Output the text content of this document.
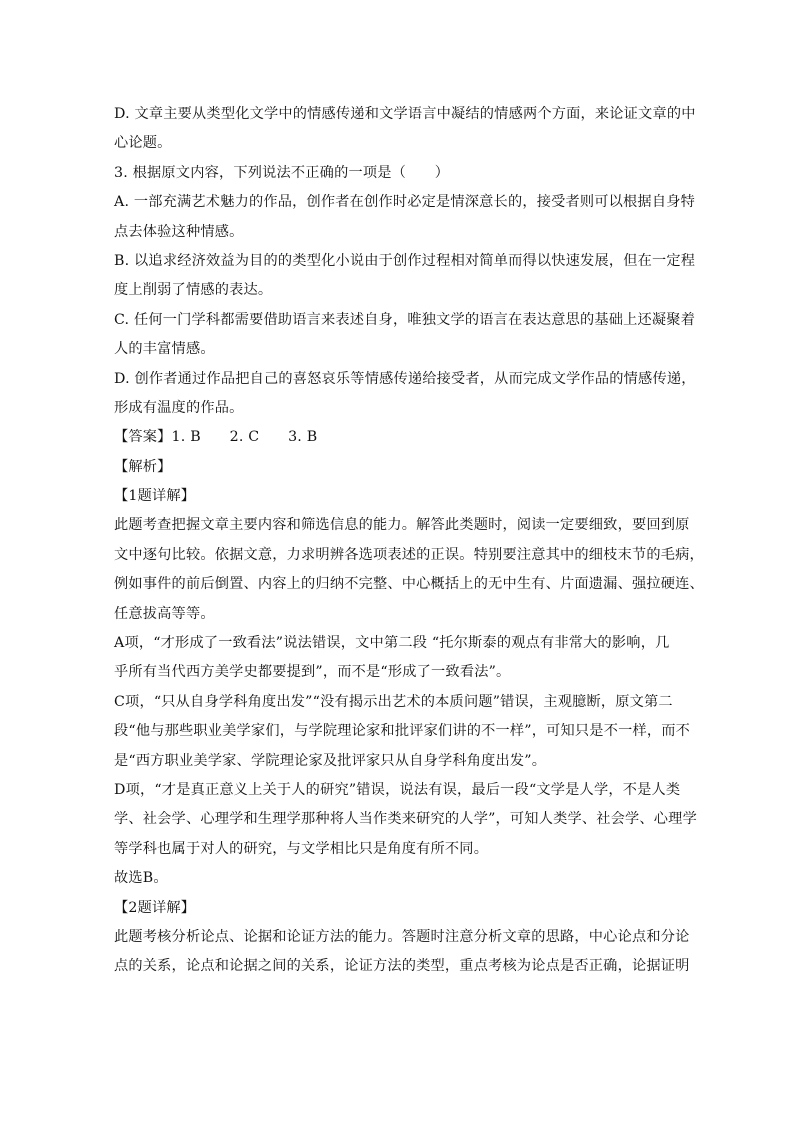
D. 文章主要从类型化文学中的情感传递和文学语言中凝结的情感两个方面，来论证文章的中
心论题。
3. 根据原文内容，下列说法不正确的一项是（　　）
A. 一部充满艺术魅力的作品，创作者在创作时必定是情深意长的，接受者则可以根据自身特
点去体验这种情感。
B. 以追求经济效益为目的的类型化小说由于创作过程相对简单而得以快速发展，但在一定程
度上削弱了情感的表达。
C. 任何一门学科都需要借助语言来表述自身，唯独文学的语言在表达意思的基础上还凝聚着
人的丰富情感。
D. 创作者通过作品把自己的喜怒哀乐等情感传递给接受者，从而完成文学作品的情感传递，
形成有温度的作品。
【答案】1. B　　2. C　　3. B
【解析】
【1题详解】
此题考查把握文章主要内容和筛选信息的能力。解答此类题时，阅读一定要细致，要回到原
文中逐句比较。依据文意，力求明辨各选项表述的正误。特别要注意其中的细枝末节的毛病，
例如事件的前后倒置、内容上的归纳不完整、中心概括上的无中生有、片面遗漏、强拉硬连、
任意拔高等等。
A项，“才形成了一致看法”说法错误，文中第二段 “托尔斯泰的观点有非常大的影响，几
乎所有当代西方美学史都要提到”，而不是“形成了一致看法”。
C项，“只从自身学科角度出发”“没有揭示出艺术的本质问题”错误，主观臆断，原文第二
段“他与那些职业美学家们，与学院理论家和批评家们讲的不一样”，可知只是不一样，而不
是“西方职业美学家、学院理论家及批评家只从自身学科角度出发”。
D项，“才是真正意义上关于人的研究”错误，说法有误，最后一段“文学是人学，不是人类
学、社会学、心理学和生理学那种将人当作类来研究的人学”，可知人类学、社会学、心理学
等学科也属于对人的研究，与文学相比只是角度有所不同。
故选B。
【2题详解】
此题考核分析论点、论据和论证方法的能力。答题时注意分析文章的思路，中心论点和分论
点的关系，论点和论据之间的关系，论证方法的类型，重点考核为论点是否正确，论据证明
